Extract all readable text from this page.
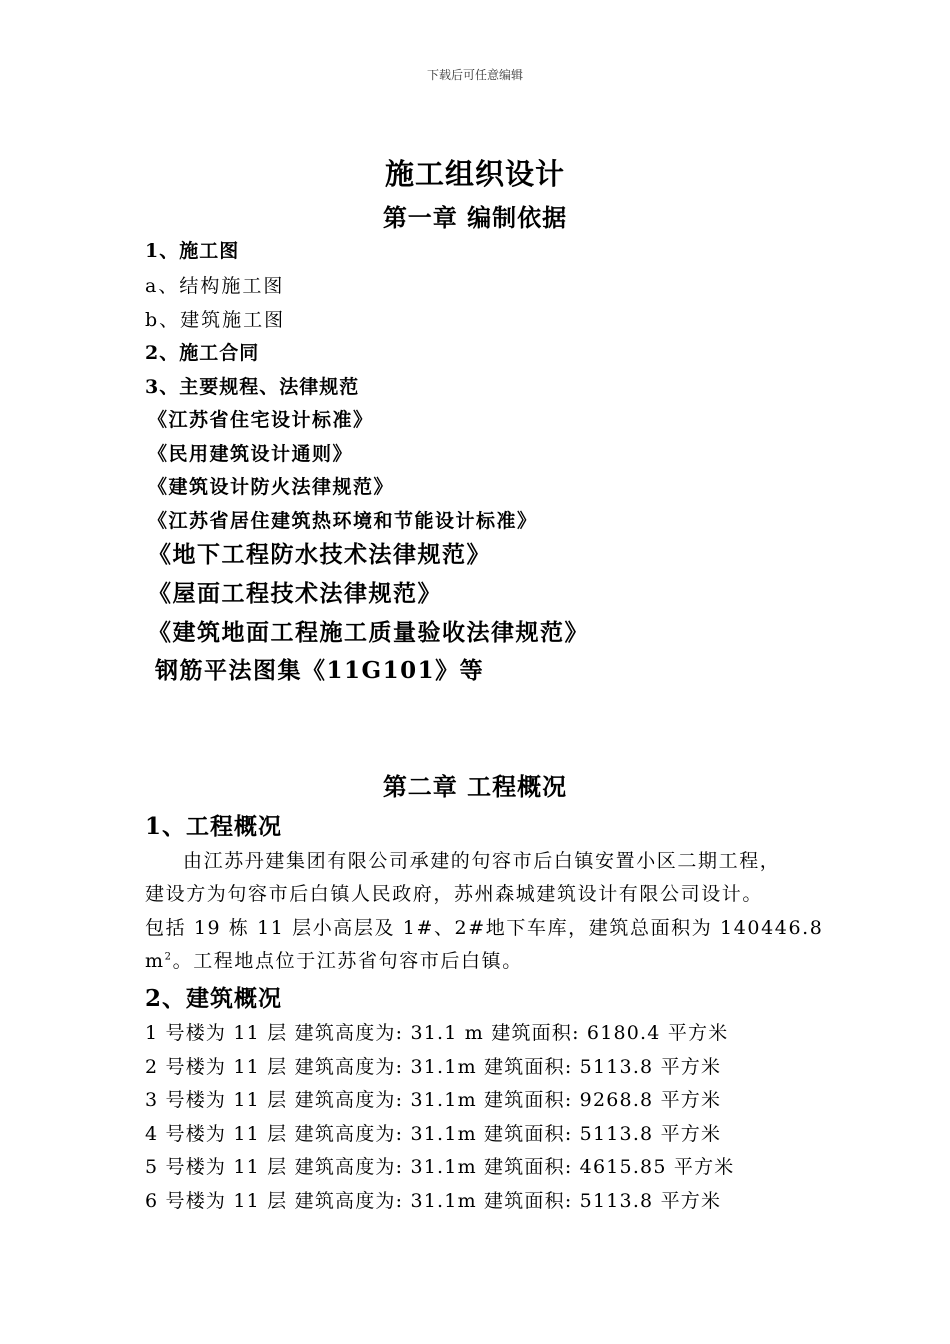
下载后可任意编辑
施工组织设计
第一章 编制依据
1、施工图
a、结构施工图
b、建筑施工图
2、施工合同
3、主要规程、法律规范
《江苏省住宅设计标准》
《民用建筑设计通则》
《建筑设计防火法律规范》
《江苏省居住建筑热环境和节能设计标准》
《地下工程防水技术法律规范》
《屋面工程技术法律规范》
《建筑地面工程施工质量验收法律规范》
钢筋平法图集《11G101》等
第二章 工程概况
1、工程概况
由江苏丹建集团有限公司承建的句容市后白镇安置小区二期工程，
建设方为句容市后白镇人民政府，苏州森城建筑设计有限公司设计。
包括 19 栋 11 层小高层及 1#、2#地下车库，建筑总面积为 140446.8
$m^2$。工程地点位于江苏省句容市后白镇。
2、建筑概况
1 号楼为 11 层 建筑高度为: 31.1 m 建筑面积: 6180.4 平方米
2 号楼为 11 层 建筑高度为: 31.1m 建筑面积: 5113.8 平方米
3 号楼为 11 层 建筑高度为: 31.1m 建筑面积: 9268.8 平方米
4 号楼为 11 层 建筑高度为: 31.1m 建筑面积: 5113.8 平方米
5 号楼为 11 层 建筑高度为: 31.1m 建筑面积: 4615.85 平方米
6 号楼为 11 层 建筑高度为: 31.1m 建筑面积: 5113.8 平方米
